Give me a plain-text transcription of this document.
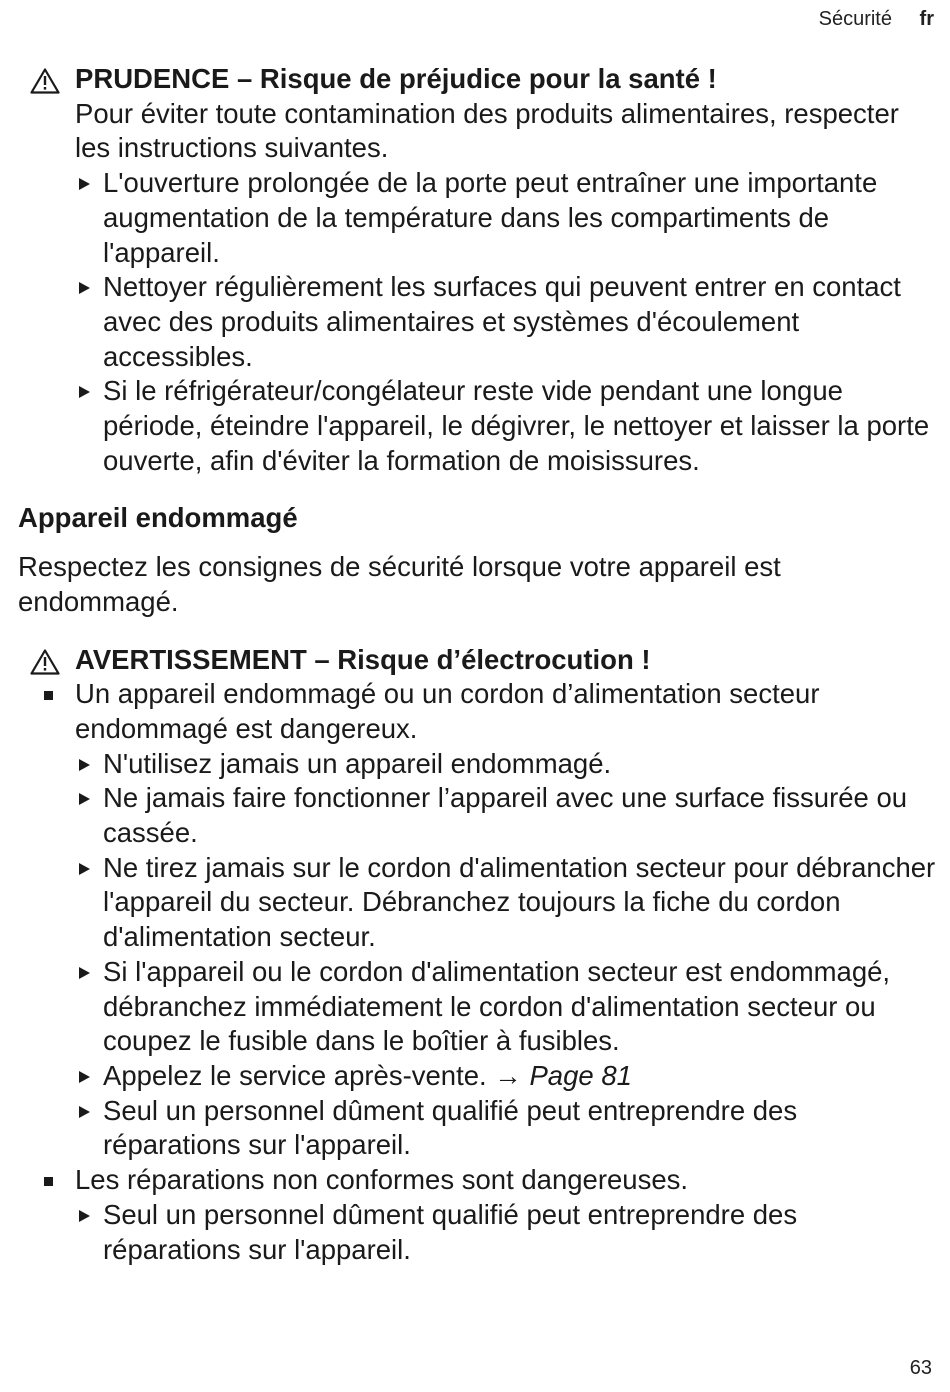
Sécurité fr
PRUDENCE – Risque de préjudice pour la santé !
Pour éviter toute contamination des produits alimentaires, respecter les instructions suivantes.
L'ouverture prolongée de la porte peut entraîner une importante augmentation de la température dans les compartiments de l'appareil.
Nettoyer régulièrement les surfaces qui peuvent entrer en contact avec des produits alimentaires et systèmes d'écoulement accessibles.
Si le réfrigérateur/congélateur reste vide pendant une longue période, éteindre l'appareil, le dégivrer, le nettoyer et laisser la porte ouverte, afin d'éviter la formation de moisissures.
Appareil endommagé
Respectez les consignes de sécurité lorsque votre appareil est endommagé.
AVERTISSEMENT – Risque d’électrocution !
Un appareil endommagé ou un cordon d’alimentation secteur endommagé est dangereux.
N'utilisez jamais un appareil endommagé.
Ne jamais faire fonctionner l’appareil avec une surface fissurée ou cassée.
Ne tirez jamais sur le cordon d'alimentation secteur pour débrancher l'appareil du secteur. Débranchez toujours la fiche du cordon d'alimentation secteur.
Si l'appareil ou le cordon d'alimentation secteur est endommagé, débranchez immédiatement le cordon d'alimentation secteur ou coupez le fusible dans le boîtier à fusibles.
Appelez le service après-vente. → Page 81
Seul un personnel dûment qualifié peut entreprendre des réparations sur l'appareil.
Les réparations non conformes sont dangereuses.
Seul un personnel dûment qualifié peut entreprendre des réparations sur l'appareil.
63
